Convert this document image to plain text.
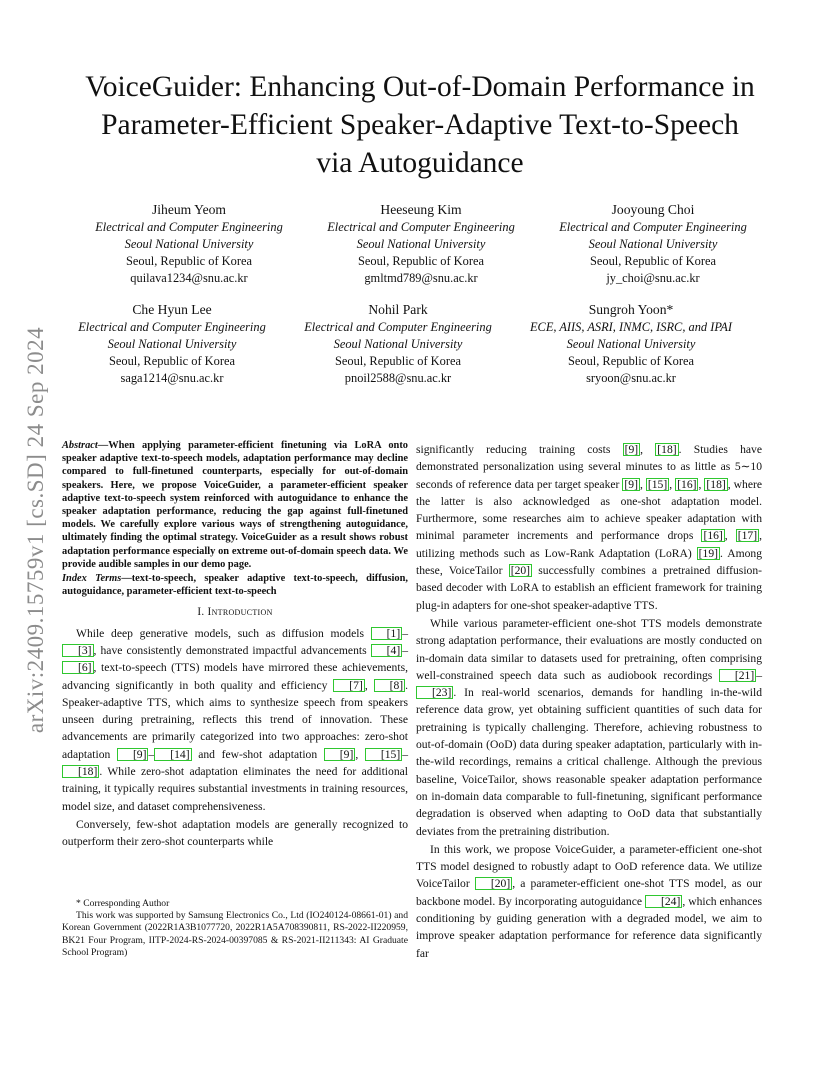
arXiv:2409.15759v1 [cs.SD] 24 Sep 2024
VoiceGuider: Enhancing Out-of-Domain Performance in Parameter-Efficient Speaker-Adaptive Text-to-Speech via Autoguidance
Jiheum Yeom
Electrical and Computer Engineering
Seoul National University
Seoul, Republic of Korea
quilava1234@snu.ac.kr
Heeseung Kim
Electrical and Computer Engineering
Seoul National University
Seoul, Republic of Korea
gmltmd789@snu.ac.kr
Jooyoung Choi
Electrical and Computer Engineering
Seoul National University
Seoul, Republic of Korea
jy_choi@snu.ac.kr
Che Hyun Lee
Electrical and Computer Engineering
Seoul National University
Seoul, Republic of Korea
saga1214@snu.ac.kr
Nohil Park
Electrical and Computer Engineering
Seoul National University
Seoul, Republic of Korea
pnoil2588@snu.ac.kr
Sungroh Yoon*
ECE, AIIS, ASRI, INMC, ISRC, and IPAI
Seoul National University
Seoul, Republic of Korea
sryoon@snu.ac.kr

Abstract—When applying parameter-efficient finetuning via LoRA onto speaker adaptive text-to-speech models, adaptation performance may decline compared to full-finetuned counterparts, especially for out-of-domain speakers. Here, we propose VoiceGuider, a parameter-efficient speaker adaptive text-to-speech system reinforced with autoguidance to enhance the speaker adaptation performance, reducing the gap against full-finetuned models. We carefully explore various ways of strengthening autoguidance, ultimately finding the optimal strategy. VoiceGuider as a result shows robust adaptation performance especially on extreme out-of-domain speech data. We provide audible samples in our demo page.

Index Terms—text-to-speech, speaker adaptive text-to-speech, diffusion, autoguidance, parameter-efficient text-to-speech

I. Introduction

While deep generative models, such as diffusion models [1] –[3] , have consistently demonstrated impactful advancements [4] –[6] , text-to-speech (TTS) models have mirrored these achievements, advancing significantly in both quality and efficiency [7] , [8] . Speaker-adaptive TTS, which aims to synthesize speech from speakers unseen during pretraining, reflects this trend of innovation. These advancements are primarily categorized into two approaches: zero-shot adaptation [9] – [14] and few-shot adaptation [9] , [15] –[18] . While zero-shot adaptation eliminates the need for additional training, it typically requires substantial investments in training resources, model size, and dataset comprehensiveness.

Conversely, few-shot adaptation models are generally recognized to outperform their zero-shot counterparts while

* Corresponding Author
This work was supported by Samsung Electronics Co., Ltd (IO240124-08661-01) and Korean Government (2022R1A3B1077720, 2022R1A5A708390811, RS-2022-II220959, BK21 Four Program, IITP-2024-RS-2024-00397085 & RS-2021-II211343: AI Graduate School Program)

significantly reducing training costs [9] , [18] . Studies have demonstrated personalization using several minutes to as little as 5∼10 seconds of reference data per target speaker [9] , [15] , [16] , [18] , where the latter is also acknowledged as one-shot adaptation model. Furthermore, some researches aim to achieve speaker adaptation with minimal parameter increments and performance drops [16] , [17] , utilizing methods such as Low-Rank Adaptation (LoRA) [19] . Among these, VoiceTailor [20] successfully combines a pretrained diffusion-based decoder with LoRA to establish an efficient framework for training plug-in adapters for one-shot speaker-adaptive TTS.

While various parameter-efficient one-shot TTS models demonstrate strong adaptation performance, their evaluations are mostly conducted on in-domain data similar to datasets used for pretraining, often comprising well-constrained speech data such as audiobook recordings [21] –[23] . In real-world scenarios, demands for handling in-the-wild reference data grow, yet obtaining sufficient quantities of such data for pretraining is typically challenging. Therefore, achieving robustness to out-of-domain (OoD) data during speaker adaptation, particularly with in-the-wild recordings, remains a critical challenge. Although the previous baseline, VoiceTailor, shows reasonable speaker adaptation performance on in-domain data comparable to full-finetuning, significant performance degradation is observed when adapting to OoD data that substantially deviates from the pretraining distribution.

In this work, we propose VoiceGuider, a parameter-efficient one-shot TTS model designed to robustly adapt to OoD reference data. We utilize VoiceTailor [20] , a parameter-efficient one-shot TTS model, as our backbone model. By incorporating autoguidance [24] , which enhances conditioning by guiding generation with a degraded model, we aim to improve speaker adaptation performance for reference data significantly far
